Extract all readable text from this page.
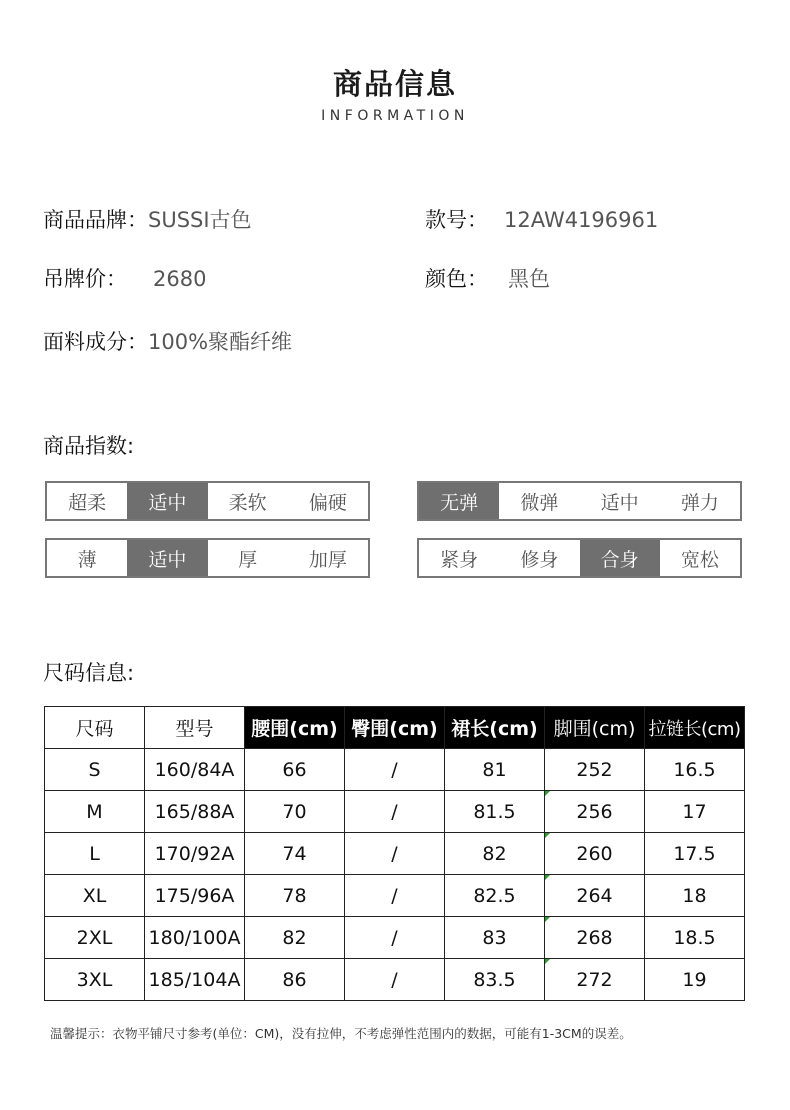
商品信息
INFORMATION
商品品牌：SUSSI古色	款号： 12AW4196961
吊牌价： 2680	颜色： 黑色
面料成分：100%聚酯纤维
商品指数:
超柔	适中	柔软	偏硬	无弹	微弹	适中	弹力
薄	适中	厚	加厚	紧身	修身	合身	宽松
尺码信息:
尺码	型号	腰围(cm)	臀围(cm)	裙长(cm)	脚围(cm)	拉链长(cm)
S	160/84A	66	/	81	252	16.5
M	165/88A	70	/	81.5	256	17
L	170/92A	74	/	82	260	17.5
XL	175/96A	78	/	82.5	264	18
2XL	180/100A	82	/	83	268	18.5
3XL	185/104A	86	/	83.5	272	19
温馨提示：衣物平铺尺寸参考(单位：CM)，没有拉伸，不考虑弹性范围内的数据，可能有1-3CM的误差。
